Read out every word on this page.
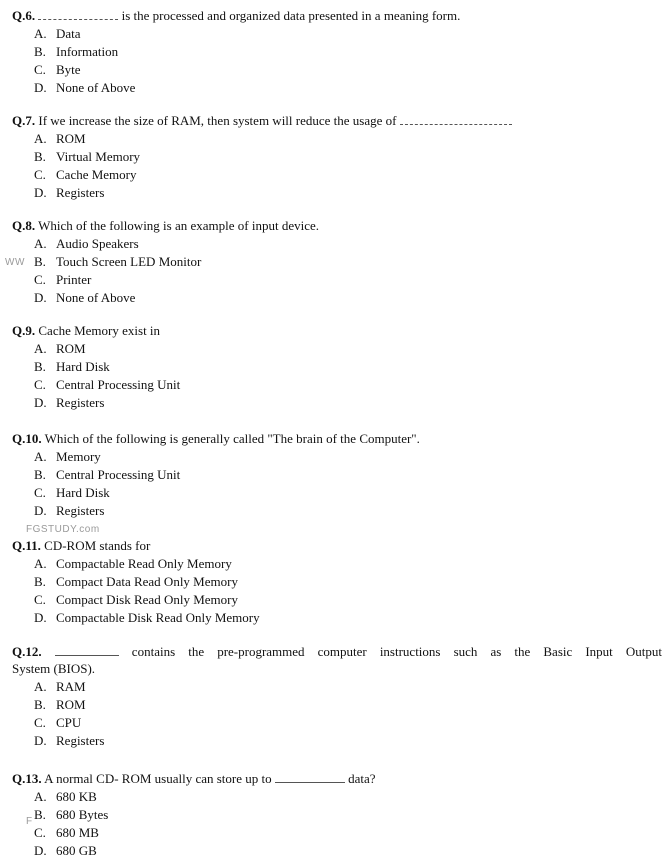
Q.6.	is the processed and organized data presented in a meaning form.
A. Data
B. Information
C. Byte
D. None of Above
Q.7. If we increase the size of RAM, then system will reduce the usage of
A. ROM
B. Virtual Memory
C. Cache Memory
D. Registers
Q.8. Which of the following is an example of input device.
A. Audio Speakers
B. Touch Screen LED Monitor
C. Printer
D. None of Above
WW
Q.9. Cache Memory exist in
A. ROM
B. Hard Disk
C. Central Processing Unit
D. Registers
Q.10. Which of the following is generally called "The brain of the Computer".
A. Memory
B. Central Processing Unit
C. Hard Disk
D. Registers
FGSTUDY.com
Q.11. CD-ROM stands for
A. Compactable Read Only Memory
B. Compact Data Read Only Memory
C. Compact Disk Read Only Memory
D. Compactable Disk Read Only Memory
Q.12.	contains the pre-programmed computer instructions such as the Basic Input Output
System (BIOS).
A. RAM
B. ROM
C. CPU
D. Registers
Q.13. A normal CD- ROM usually can store up to	data?
A. 680 KB
B. 680 Bytes
C. 680 MB
D. 680 GB
F
